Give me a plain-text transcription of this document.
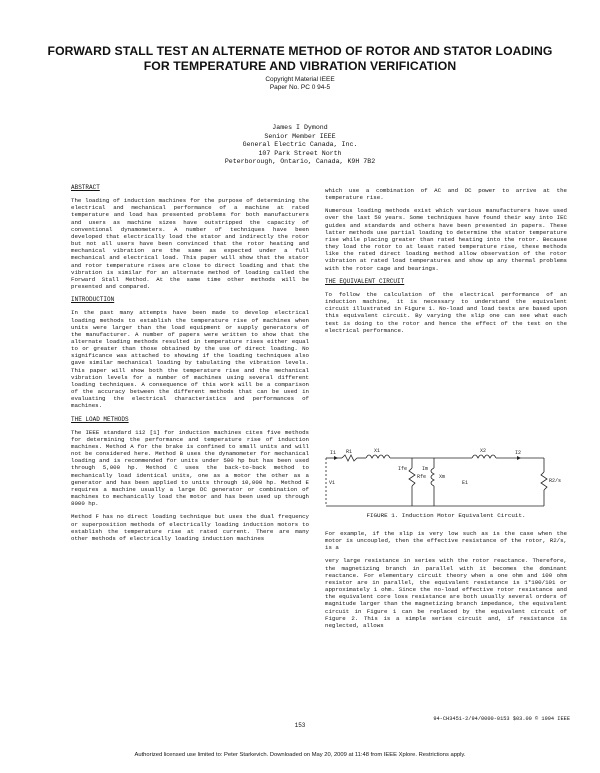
FORWARD STALL TEST AN ALTERNATE METHOD OF ROTOR AND STATOR LOADING FOR TEMPERATURE AND VIBRATION VERIFICATION
Copyright Material IEEE
Paper No. PC 0 94-5
James I Dymond
Senior Member IEEE
General Electric Canada, Inc.
107 Park Street North
Peterborough, Ontario, Canada, K9H 7B2
ABSTRACT

The loading of induction machines for the purpose of determining the electrical and mechanical performance of a machine at rated temperature and load has presented problems for both manufacturers and users as machine sizes have outstripped the capacity of conventional dynamometers. A number of techniques have been developed that electrically load the stator and indirectly the rotor but not all users have been convinced that the rotor heating and mechanical vibration are the same as expected under a full mechanical and electrical load. This paper will show that the stator and rotor temperature rises are close to direct loading and that the vibration is similar for an alternate method of loading called the Forward Stall Method. At the same time other methods will be presented and compared.

INTRODUCTION

In the past many attempts have been made to develop electrical loading methods to establish the temperature rise of machines when units were larger than the load equipment or supply generators of the manufacturer. A number of papers were written to show that the alternate loading methods resulted in temperature rises either equal to or greater than those obtained by the use of direct loading. No significance was attached to showing if the loading techniques also gave similar mechanical loading by tabulating the vibration levels. This paper will show both the temperature rise and the mechanical vibration levels for a number of machines using several different loading techniques. A consequence of this work will be a comparison of the accuracy between the different methods that can be used in evaluating the electrical characteristics and performances of machines.

THE LOAD METHODS

The IEEE standard 112 [1] for induction machines cites five methods for determining the performance and temperature rise of induction machines. Method A for the brake is confined to small units and will not be considered here. Method B uses the dynamometer for mechanical loading and is recommended for units under 500 hp but has been used through 5,000 hp. Method C uses the back-to-back method to mechanically load identical units, one as a motor the other as a generator and has been applied to units through 10,000 hp. Method E requires a machine usually a large DC generator or combination of machines to mechanically load the motor and has been used up through 8000 hp.

Method F has no direct loading technique but uses the dual frequency or superposition methods of electrically loading induction motors to establish the temperature rise at rated current. There are many other methods of electrically loading induction machines

which use a combination of AC and DC power to arrive at the temperature rise.

Numerous loading methods exist which various manufacturers have used over the last 50 years. Some techniques have found their way into IEC guides and standards and others have been presented in papers. These latter methods use partial loading to determine the stator temperature rise while placing greater than rated heating into the rotor. Because they load the rotor to at least rated temperature rise, these methods like the rated direct loading method allow observation of the rotor vibration at rated load temperatures and show up any thermal problems with the rotor cage and bearings.

THE EQUIVALENT CIRCUIT

To follow the calculation of the electrical performance of an induction machine, it is necessary to understand the equivalent circuit illustrated in Figure 1. No-load and load tests are based upon this equivalent circuit. By varying the slip one can see what each test is doing to the rotor and hence the effect of the test on the electrical performance.

I1 R1	X1	X2	I2
Rfe	Xm
Ife	Im
R2/s
V1	E1
FIGURE 1. Induction Motor Equivalent Circuit.

For example, if the slip is very low such as is the case when the motor is uncoupled, then the effective resistance of the rotor, R2/s, is a

very large resistance in series with the rotor reactance. Therefore, the magnetizing branch in parallel with it becomes the dominant reactance. For elementary circuit theory when a one ohm and 100 ohm resistor are in parallel, the equivalent resistance is 1*100/101 or approximately 1 ohm. Since the no-load effective rotor resistance and the equivalent core loss resistance are both usually several orders of magnitude larger than the magnetizing branch impedance, the equivalent circuit in Figure 1 can be replaced by the equivalent circuit of Figure 2. This is a simple series circuit and, if resistance is neglected, allows

94-CH3451-2/94/0000-0153 $03.00 © 1994 IEEE
153
Authorized licensed use limited to: Peter Starkevich. Downloaded on May 20, 2009 at 11:48 from IEEE Xplore. Restrictions apply.
